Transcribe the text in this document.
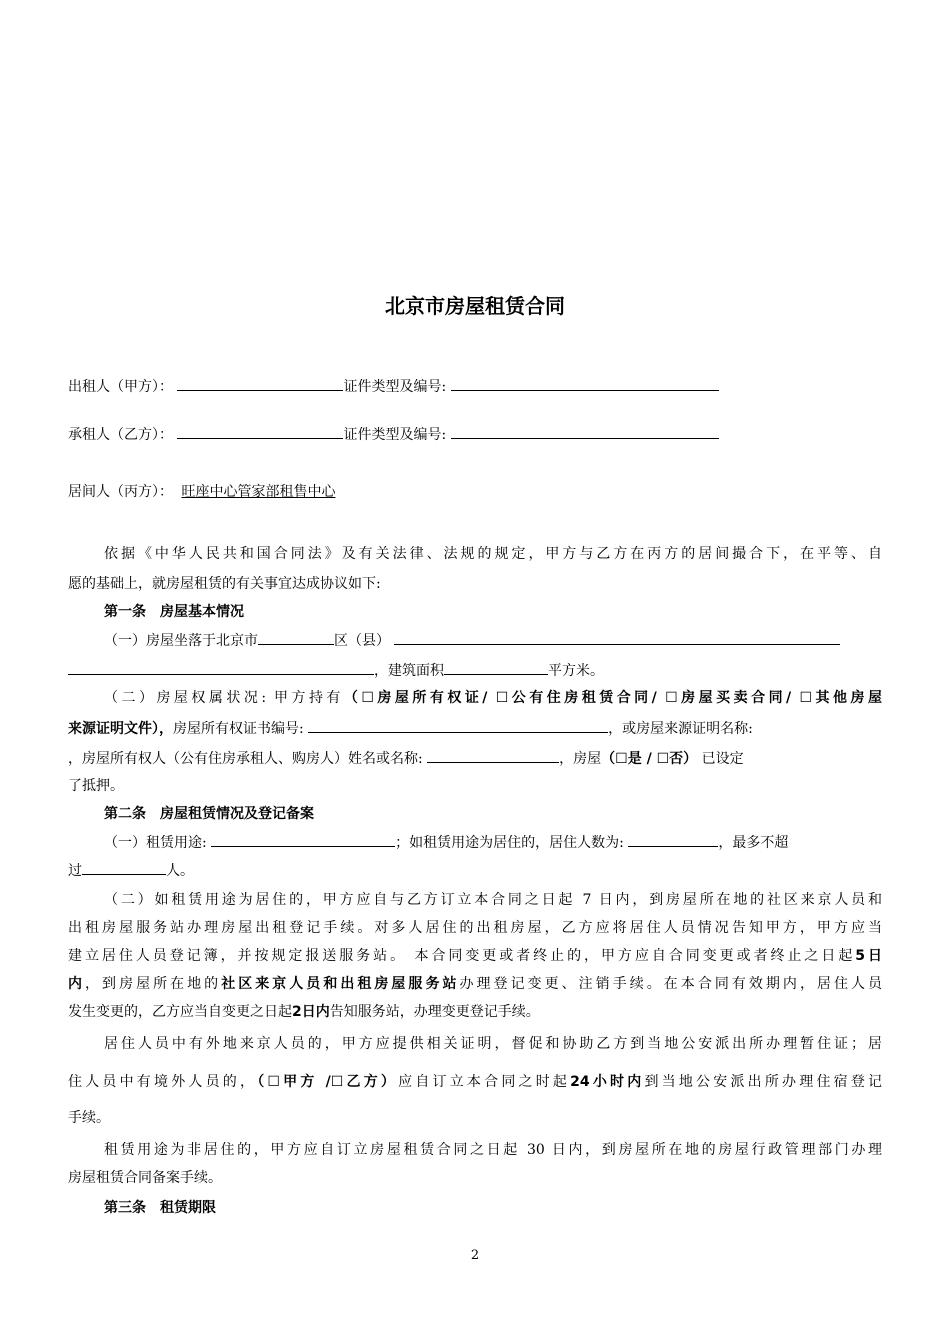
北京市房屋租赁合同
出租人（甲方）：	证件类型及编号:
承租人（乙方）：	证件类型及编号:
居间人（丙方）： 旺座中心管家部租售中心
依据《中华人民共和国合同法》及有关法律、法规的规定，甲方与乙方在丙方的居间撮合下，在平等、自
愿的基础上，就房屋租赁的有关事宜达成协议如下:
第一条　房屋基本情况
（一）房屋坐落于北京市	区（县）
，建筑面积	平方米。
（二）房屋权属状况: 甲方持有（☐房屋所有权证/ ☐公有住房租赁合同/ ☐房屋买卖合同/ ☐其他房屋
来源证明文件），房屋所有权证书编号:	，或房屋来源证明名称:
，房屋所有权人（公有住房承租人、购房人）姓名或名称:	，房屋（☐是 / ☐否） 已设定
了抵押。
第二条　房屋租赁情况及登记备案
（一）租赁用途:	；如租赁用途为居住的，居住人数为:	，最多不超
过	人。
（二）如租赁用途为居住的，甲方应自与乙方订立本合同之日起 7 日内，到房屋所在地的社区来京人员和
出租房屋服务站办理房屋出租登记手续。对多人居住的出租房屋，乙方应将居住人员情况告知甲方，甲方应当
建立居住人员登记簿，并按规定报送服务站。 本合同变更或者终止的，甲方应自合同变更或者终止之日起5日
内，到房屋所在地的社区来京人员和出租房屋服务站办理登记变更、注销手续。在本合同有效期内，居住人员
发生变更的，乙方应当自变更之日起2日内告知服务站，办理变更登记手续。
居住人员中有外地来京人员的，甲方应提供相关证明，督促和协助乙方到当地公安派出所办理暂住证；居
住人员中有境外人员的，（☐甲方 /☐乙方）应自订立本合同之时起24小时内到当地公安派出所办理住宿登记
手续。
租赁用途为非居住的，甲方应自订立房屋租赁合同之日起 30 日内，到房屋所在地的房屋行政管理部门办理
房屋租赁合同备案手续。
第三条　租赁期限
2
